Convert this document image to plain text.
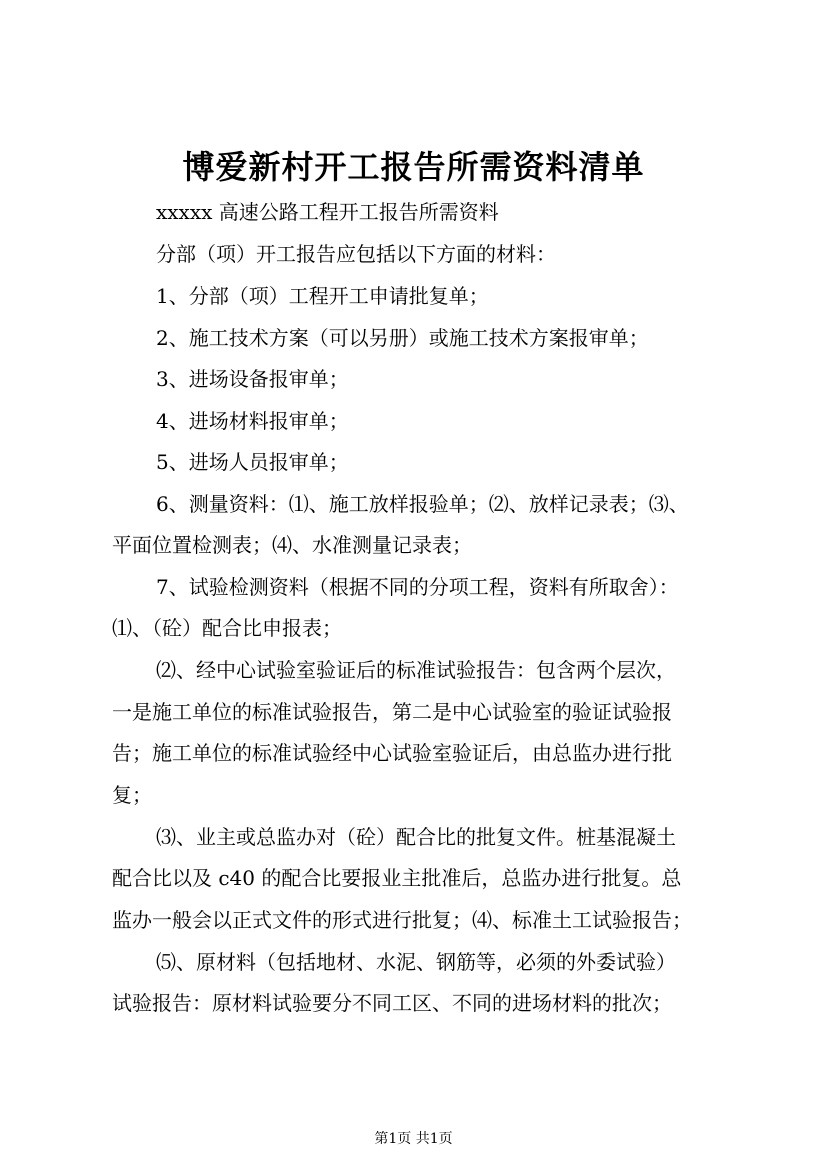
博爱新村开工报告所需资料清单
xxxxx 高速公路工程开工报告所需资料
分部（项）开工报告应包括以下方面的材料：
1、分部（项）工程开工申请批复单；
2、施工技术方案（可以另册）或施工技术方案报审单；
3、进场设备报审单；
4、进场材料报审单；
5、进场人员报审单；
6、测量资料：⑴、施工放样报验单；⑵、放样记录表；⑶、
平面位置检测表；⑷、水准测量记录表；
7、试验检测资料（根据不同的分项工程，资料有所取舍）：
⑴、（砼）配合比申报表；
⑵、经中心试验室验证后的标准试验报告：包含两个层次，
一是施工单位的标准试验报告，第二是中心试验室的验证试验报
告；施工单位的标准试验经中心试验室验证后，由总监办进行批
复；
⑶、业主或总监办对（砼）配合比的批复文件。桩基混凝土
配合比以及 c40 的配合比要报业主批准后，总监办进行批复。总
监办一般会以正式文件的形式进行批复；⑷、标准土工试验报告；
⑸、原材料（包括地材、水泥、钢筋等，必须的外委试验）
试验报告：原材料试验要分不同工区、不同的进场材料的批次；
第1页 共1页
